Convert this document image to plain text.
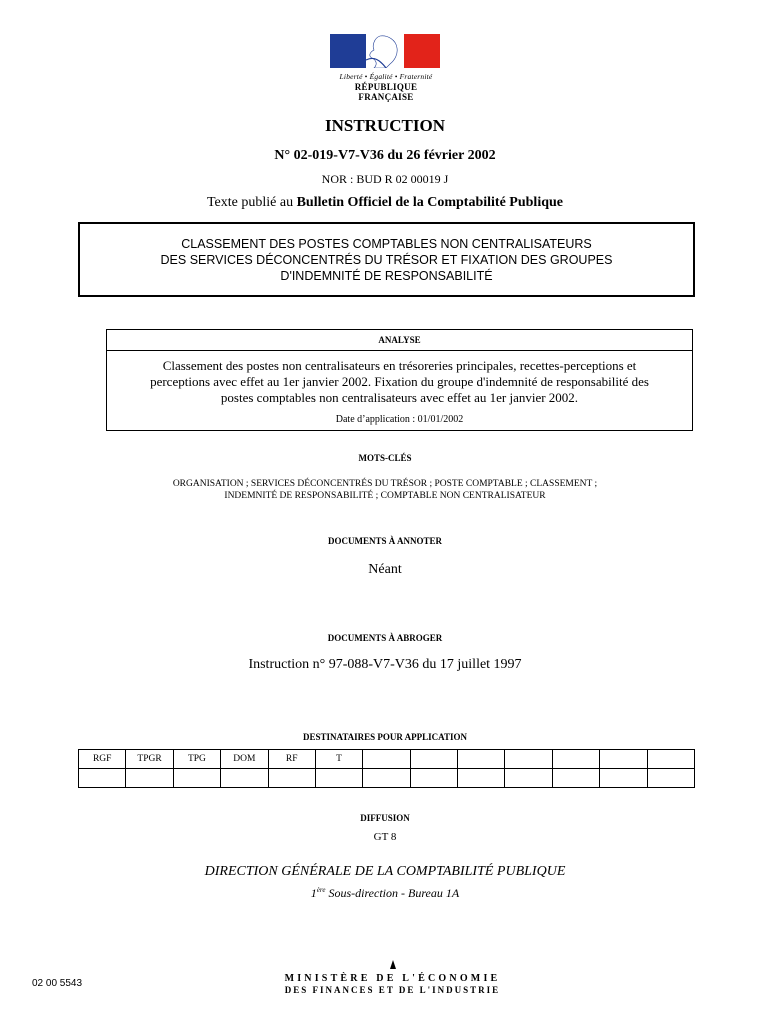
Liberté • Égalité • Fraternité
RÉPUBLIQUE FRANÇAISE
INSTRUCTION
N° 02-019-V7-V36 du 26 février 2002
NOR : BUD R 02 00019 J
Texte publié au Bulletin Officiel de la Comptabilité Publique
CLASSEMENT DES POSTES COMPTABLES NON CENTRALISATEURS
DES SERVICES DÉCONCENTRÉS DU TRÉSOR ET FIXATION DES GROUPES
D'INDEMNITÉ DE RESPONSABILITÉ
ANALYSE
Classement des postes non centralisateurs en trésoreries principales, recettes-perceptions et
perceptions avec effet au 1er janvier 2002. Fixation du groupe d'indemnité de responsabilité des
postes comptables non centralisateurs avec effet au 1er janvier 2002.
Date d’application : 01/01/2002
MOTS-CLÉS
ORGANISATION ; SERVICES DÉCONCENTRÉS DU TRÉSOR ; POSTE COMPTABLE ; CLASSEMENT ;
INDEMNITÉ DE RESPONSABILITÉ ; COMPTABLE NON CENTRALISATEUR
DOCUMENTS À ANNOTER
Néant
DOCUMENTS À ABROGER
Instruction n° 97-088-V7-V36 du 17 juillet 1997
DESTINATAIRES POUR APPLICATION
RGF	TPGR	TPG	DOM	RF	T							

DIFFUSION
GT 8
DIRECTION GÉNÉRALE DE LA COMPTABILITÉ PUBLIQUE
1ère Sous-direction - Bureau 1A
02 00 5543	MINISTÈRE DE L'ÉCONOMIE
DES FINANCES ET DE L'INDUSTRIE
